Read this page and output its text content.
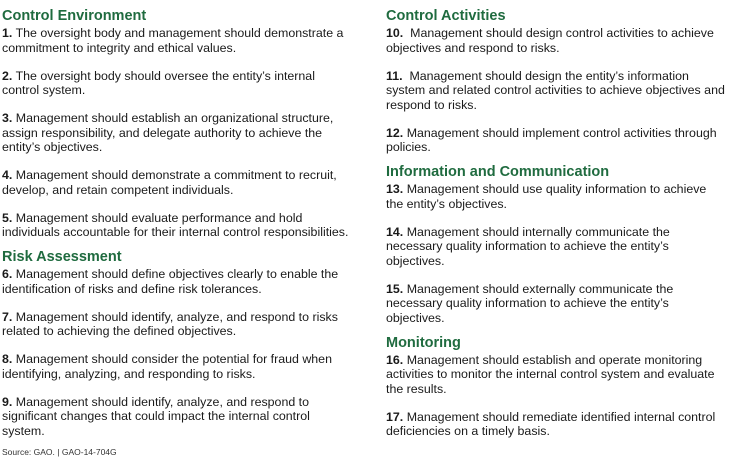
Control Environment
1. The oversight body and management should demonstrate a commitment to integrity and ethical values.
2. The oversight body should oversee the entity’s internal control system.
3. Management should establish an organizational structure, assign responsibility, and delegate authority to achieve the entity’s objectives.
4. Management should demonstrate a commitment to recruit, develop, and retain competent individuals.
5. Management should evaluate performance and hold individuals accountable for their internal control responsibilities.
Risk Assessment
6. Management should define objectives clearly to enable the identification of risks and define risk tolerances.
7. Management should identify, analyze, and respond to risks related to achieving the defined objectives.
8. Management should consider the potential for fraud when identifying, analyzing, and responding to risks.
9. Management should identify, analyze, and respond to significant changes that could impact the internal control system.
Control Activities
10. Management should design control activities to achieve objectives and respond to risks.
11. Management should design the entity’s information system and related control activities to achieve objectives and respond to risks.
12. Management should implement control activities through policies.
Information and Communication
13. Management should use quality information to achieve the entity’s objectives.
14. Management should internally communicate the necessary quality information to achieve the entity’s objectives.
15. Management should externally communicate the necessary quality information to achieve the entity’s objectives.
Monitoring
16. Management should establish and operate monitoring activities to monitor the internal control system and evaluate the results.
17. Management should remediate identified internal control deficiencies on a timely basis.
Source: GAO. | GAO-14-704G
